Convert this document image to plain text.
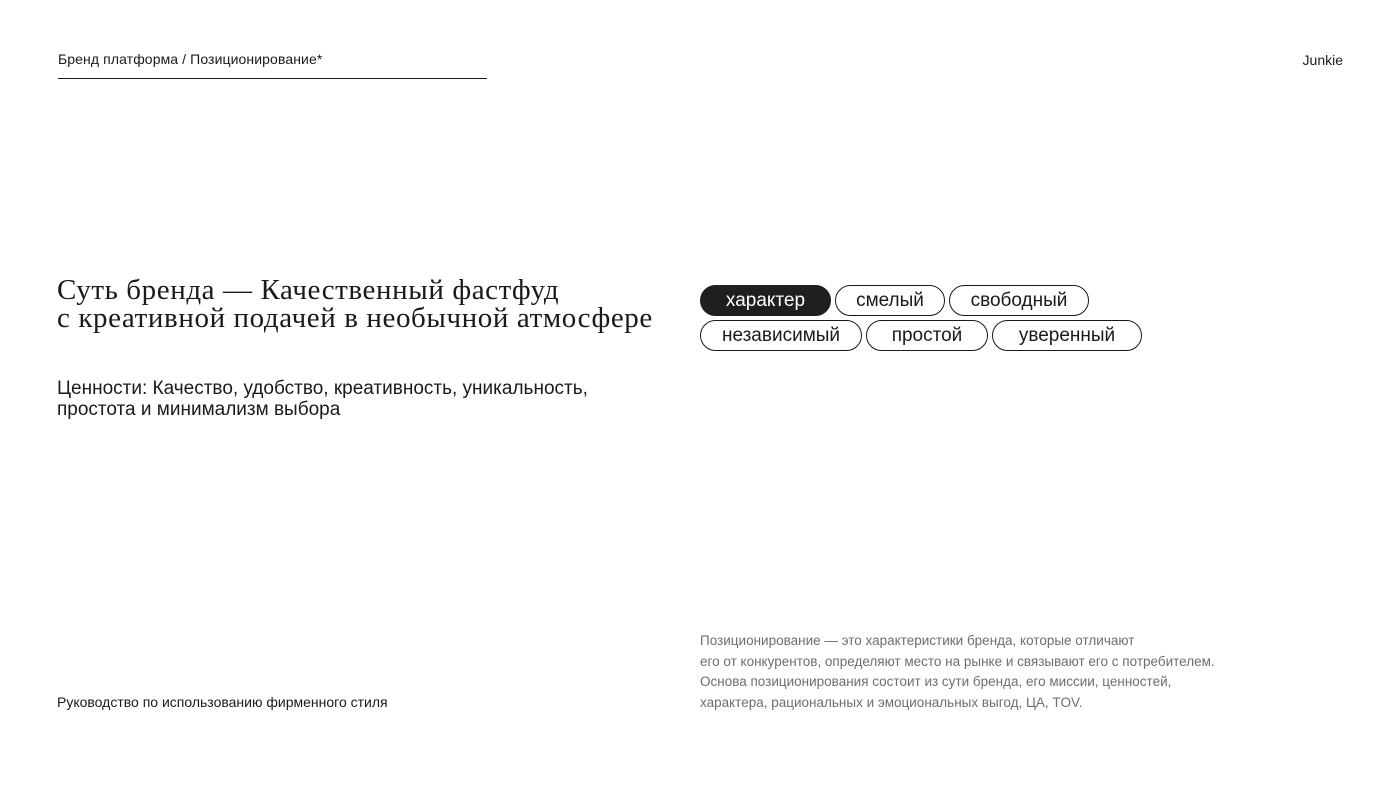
Бренд платформа / Позиционирование*	Junkie
Суть бренда — Качественный фастфуд
с креативной подачей в необычной атмосфере

Ценности: Качество, удобство, креативность, уникальность, простота и минимализм выбора

характер	смелый	свободный
независимый	простой	уверенный
Руководство по использованию фирменного стиля

Позиционирование — это характеристики бренда, которые отличают
его от конкурентов, определяют место на рынке и связывают его с потребителем.
Основа позиционирования состоит из сути бренда, его миссии, ценностей,
характера, рациональных и эмоциональных выгод, ЦА, TOV.
